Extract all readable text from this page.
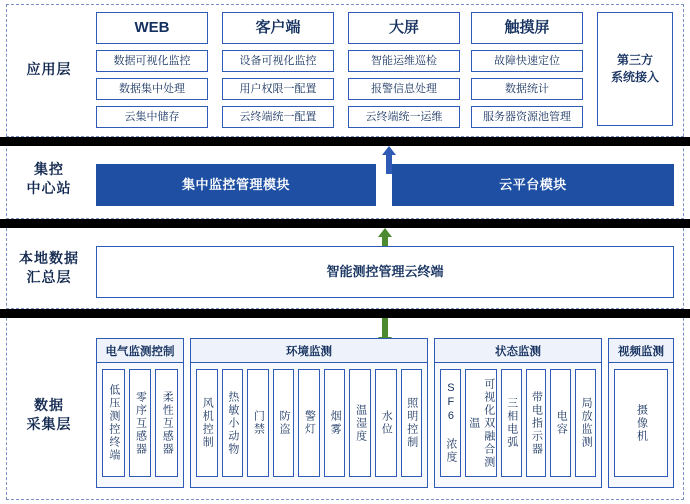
应用层
集控
中心站
本地数据
汇总层
数据
采集层
WEB
数据可视化监控
数据集中处理
云集中储存
客户端
设备可视化监控
用户权限一配置
云终端统一配置
大屏
智能运维巡检
报警信息处理
云终端统一运维
触摸屏
故障快速定位
数据统计
服务器资源池管理
第三方
系统接入
集中监控管理模块	云平台模块
智能测控管理云终端
电气监测控制
低压测控终端	零序互感器	柔性互感器
环境监测
风机控制	热敏小动物	门禁	防盗	警灯	烟雾	温湿度	水位	照明控制
状态监测
SF6 浓度	可视化双融合测温	三相电弧	带电指示器	电容	局放监测
视频监测
摄像机
